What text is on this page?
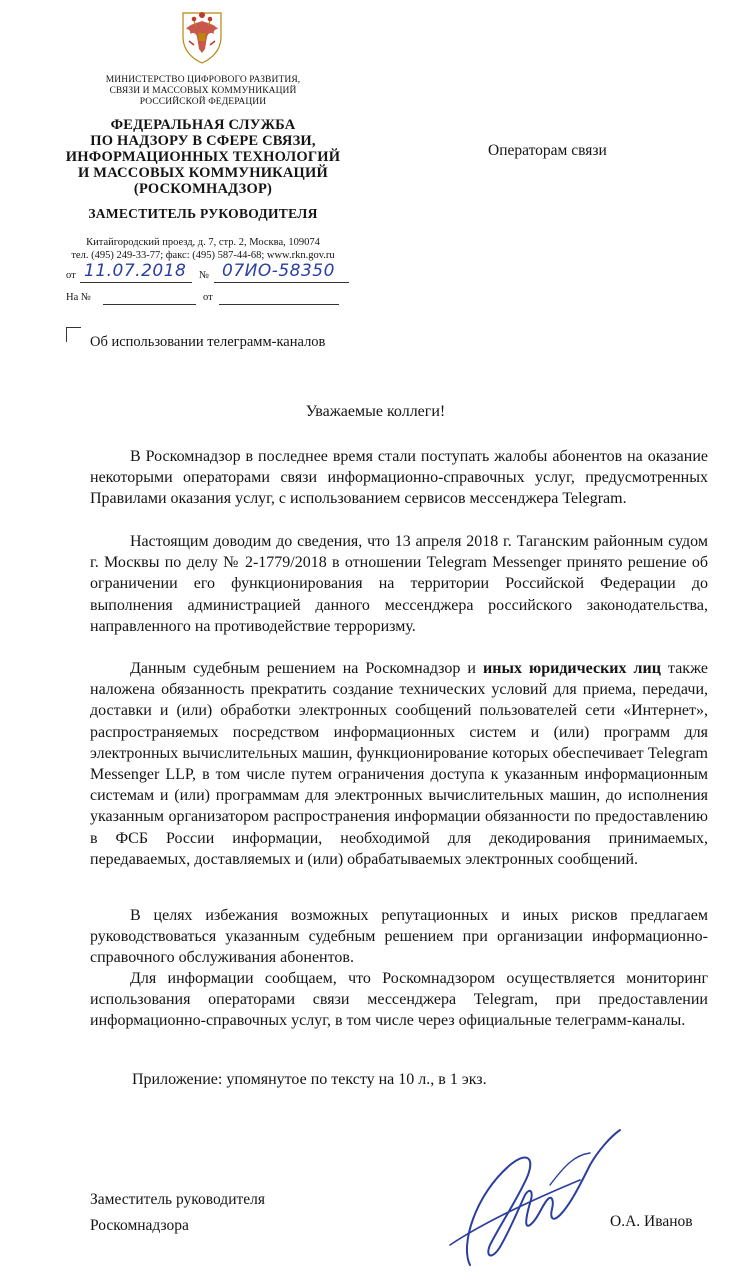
МИНИСТЕРСТВО ЦИФРОВОГО РАЗВИТИЯ,
СВЯЗИ И МАССОВЫХ КОММУНИКАЦИЙ
РОССИЙСКОЙ ФЕДЕРАЦИИ
ФЕДЕРАЛЬНАЯ СЛУЖБА
ПО НАДЗОРУ В СФЕРЕ СВЯЗИ,
ИНФОРМАЦИОННЫХ ТЕХНОЛОГИЙ
И МАССОВЫХ КОММУНИКАЦИЙ
(РОСКОМНАДЗОР)
ЗАМЕСТИТЕЛЬ РУКОВОДИТЕЛЯ
Китайгородский проезд, д. 7, стр. 2, Москва, 109074
тел. (495) 249-33-77; факс: (495) 587-44-68; www.rkn.gov.ru
от 11.07.2018 № 07ИО-58350
На №	от
Операторам связи
Об использовании телеграмм-каналов
Уважаемые коллеги!

В Роскомнадзор в последнее время стали поступать жалобы абонентов на оказание некоторыми операторами связи информационно-справочных услуг, предусмотренных Правилами оказания услуг, с использованием сервисов мессенджера Telegram.

Настоящим доводим до сведения, что 13 апреля 2018 г. Таганским районным судом г. Москвы по делу № 2-1779/2018 в отношении Telegram Messenger принято решение об ограничении его функционирования на территории Российской Федерации до выполнения администрацией данного мессенджера российского законодательства, направленного на противодействие терроризму.

Данным судебным решением на Роскомнадзор и иных юридических лиц также наложена обязанность прекратить создание технических условий для приема, передачи, доставки и (или) обработки электронных сообщений пользователей сети «Интернет», распространяемых посредством информационных систем и (или) программ для электронных вычислительных машин, функционирование которых обеспечивает Telegram Messenger LLP, в том числе путем ограничения доступа к указанным информационным системам и (или) программам для электронных вычислительных машин, до исполнения указанным организатором распространения информации обязанности по предоставлению в ФСБ России информации, необходимой для декодирования принимаемых, передаваемых, доставляемых и (или) обрабатываемых электронных сообщений.

В целях избежания возможных репутационных и иных рисков предлагаем руководствоваться указанным судебным решением при организации информационно-справочного обслуживания абонентов.

Для информации сообщаем, что Роскомнадзором осуществляется мониторинг использования операторами связи мессенджера Telegram, при предоставлении информационно-справочных услуг, в том числе через официальные телеграмм-каналы.

Приложение: упомянутое по тексту на 10 л., в 1 экз.
Заместитель руководителя
Роскомнадзора	О.А. Иванов
